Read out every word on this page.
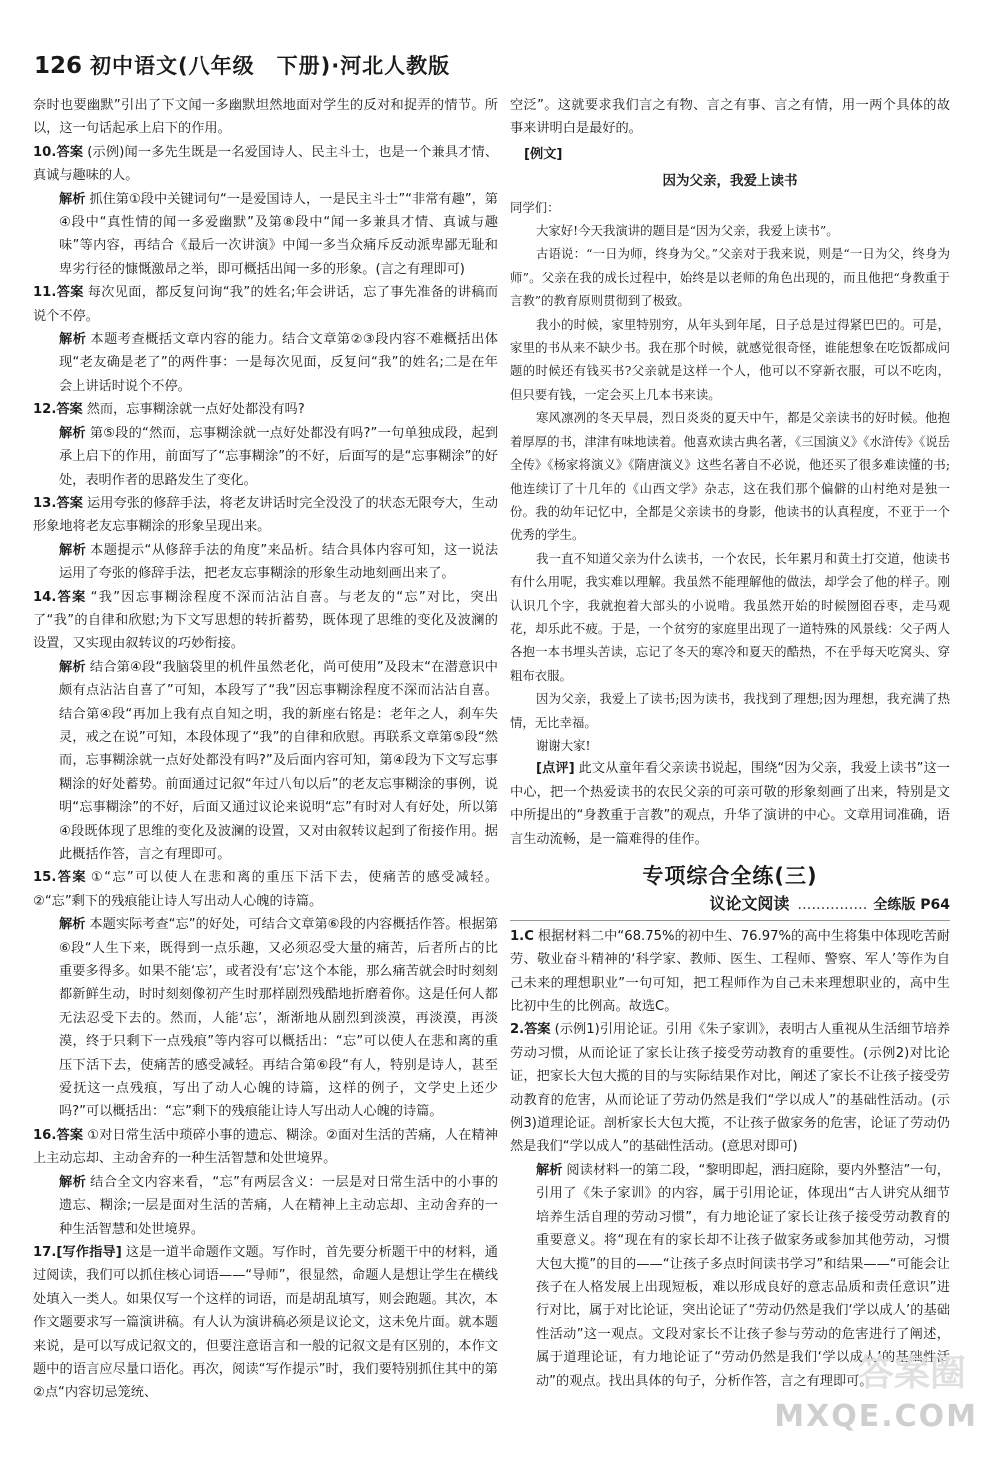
126 初中语文(八年级　下册)·河北人教版

奈时也要幽默”引出了下文闻一多幽默坦然地面对学生的反对和捉弄的情节。所以，这一句话起承上启下的作用。

10.答案 (示例)闻一多先生既是一名爱国诗人、民主斗士，也是一个兼具才情、真诚与趣味的人。

解析 抓住第①段中关键词句“一是爱国诗人，一是民主斗士”“非常有趣”，第④段中“真性情的闻一多爱幽默”及第⑧段中“闻一多兼具才情、真诚与趣味”等内容，再结合《最后一次讲演》中闻一多当众痛斥反动派卑鄙无耻和卑劣行径的慷慨激昂之举，即可概括出闻一多的形象。(言之有理即可)

11.答案 每次见面，都反复问询“我”的姓名;年会讲话，忘了事先准备的讲稿而说个不停。

解析 本题考查概括文章内容的能力。结合文章第②③段内容不难概括出体现“老友确是老了”的两件事：一是每次见面，反复问“我”的姓名;二是在年会上讲话时说个不停。

12.答案 然而，忘事糊涂就一点好处都没有吗?

解析 第⑤段的“然而，忘事糊涂就一点好处都没有吗?”一句单独成段，起到承上启下的作用，前面写了“忘事糊涂”的不好，后面写的是“忘事糊涂”的好处，表明作者的思路发生了变化。

13.答案 运用夸张的修辞手法，将老友讲话时完全没没了的状态无限夸大，生动形象地将老友忘事糊涂的形象呈现出来。

解析 本题提示“从修辞手法的角度”来品析。结合具体内容可知，这一说法运用了夸张的修辞手法，把老友忘事糊涂的形象生动地刻画出来了。

14.答案 “我”因忘事糊涂程度不深而沾沾自喜。与老友的“忘”对比，突出了“我”的自律和欣慰;为下文写思想的转折蓄势，既体现了思维的变化及波澜的设置，又实现由叙转议的巧妙衔接。

解析 结合第④段“我脑袋里的机件虽然老化，尚可使用”及段末“在潜意识中颇有点沾沾自喜了”可知，本段写了“我”因忘事糊涂程度不深而沾沾自喜。结合第④段“再加上我有点自知之明，我的新座右铭是：老年之人，刹车失灵，戒之在说”可知，本段体现了“我”的自律和欣慰。再联系文章第⑤段“然而，忘事糊涂就一点好处都没有吗?”及后面内容可知，第④段为下文写忘事糊涂的好处蓄势。前面通过记叙“年过八旬以后”的老友忘事糊涂的事例，说明“忘事糊涂”的不好，后面又通过议论来说明“忘”有时对人有好处，所以第④段既体现了思维的变化及波澜的设置，又对由叙转议起到了衔接作用。据此概括作答，言之有理即可。

15.答案 ①“忘”可以使人在悲和离的重压下活下去，使痛苦的感受减轻。②“忘”剩下的残痕能让诗人写出动人心魄的诗篇。

解析 本题实际考查“忘”的好处，可结合文章第⑥段的内容概括作答。根据第⑥段“人生下来，既得到一点乐趣，又必须忍受大量的痛苦，后者所占的比重要多得多。如果不能‘忘’，或者没有‘忘’这个本能，那么痛苦就会时时刻刻都新鲜生动，时时刻刻像初产生时那样剧烈残酷地折磨着你。这是任何人都无法忍受下去的。然而，人能‘忘’，渐渐地从剧烈到淡漠，再淡漠，再淡漠，终于只剩下一点残痕”等内容可以概括出：“忘”可以使人在悲和离的重压下活下去，使痛苦的感受减轻。再结合第⑥段“有人，特别是诗人，甚至爱抚这一点残痕，写出了动人心魄的诗篇，这样的例子，文学史上还少吗?”可以概括出：“忘”剩下的残痕能让诗人写出动人心魄的诗篇。

16.答案 ①对日常生活中琐碎小事的遗忘、糊涂。②面对生活的苦痛，人在精神上主动忘却、主动舍弃的一种生活智慧和处世境界。

解析 结合全文内容来看，“忘”有两层含义：一层是对日常生活中的小事的遗忘、糊涂;一层是面对生活的苦痛，人在精神上主动忘却、主动舍弃的一种生活智慧和处世境界。

17.[写作指导] 这是一道半命题作文题。写作时，首先要分析题干中的材料，通过阅读，我们可以抓住核心词语——“导师”，很显然，命题人是想让学生在横线处填入一类人。如果仅写一个这样的词语，而是胡乱填写，则会跑题。其次，本作文题要求写一篇演讲稿。有人认为演讲稿必须是议论文，这未免片面。就本题来说，是可以写成记叙文的，但要注意语言和一般的记叙文是有区别的，本作文题中的语言应尽量口语化。再次，阅读“写作提示”时，我们要特别抓住其中的第②点“内容切忌笼统、

空泛”。这就要求我们言之有物、言之有事、言之有情，用一两个具体的故事来讲明白是最好的。

[例文]
因为父亲，我爱上读书

同学们：

大家好!今天我演讲的题目是“因为父亲，我爱上读书”。

古语说：“一日为师，终身为父。”父亲对于我来说，则是“一日为父，终身为师”。父亲在我的成长过程中，始终是以老师的角色出现的，而且他把“身教重于言教”的教育原则贯彻到了极致。

我小的时候，家里特别穷，从年头到年尾，日子总是过得紧巴巴的。可是，家里的书从来不缺少书。我在那个时候，就感觉很奇怪，谁能想象在吃饭都成问题的时候还有钱买书?父亲就是这样一个人，他可以不穿新衣服，可以不吃肉，但只要有钱，一定会买上几本书来读。

寒风凛冽的冬天早晨，烈日炎炎的夏天中午，都是父亲读书的好时候。他抱着厚厚的书，津津有味地读着。他喜欢读古典名著，《三国演义》《水浒传》《说岳全传》《杨家将演义》《隋唐演义》这些名著自不必说，他还买了很多难读懂的书;他连续订了十几年的《山西文学》杂志，这在我们那个偏僻的山村绝对是独一份。我的幼年记忆中，全都是父亲读书的身影，他读书的认真程度，不亚于一个优秀的学生。

我一直不知道父亲为什么读书，一个农民，长年累月和黄土打交道，他读书有什么用呢，我实难以理解。我虽然不能理解他的做法，却学会了他的样子。刚认识几个字，我就抱着大部头的小说啃。我虽然开始的时候囫囵吞枣，走马观花，却乐此不疲。于是，一个贫穷的家庭里出现了一道特殊的风景线：父子两人各抱一本书埋头苦读，忘记了冬天的寒冷和夏天的酷热，不在乎每天吃窝头、穿粗布衣服。

因为父亲，我爱上了读书;因为读书，我找到了理想;因为理想，我充满了热情，无比幸福。

谢谢大家!

[点评] 此文从童年看父亲读书说起，围绕“因为父亲，我爱上读书”这一中心，把一个热爱读书的农民父亲的可亲可敬的形象刻画了出来，特别是文中所提出的“身教重于言教”的观点，升华了演讲的中心。文章用词准确，语言生动流畅，是一篇难得的佳作。

专项综合全练(三)
议论文阅读 …………… 全练版 P64

1.C 根据材料二中“68.75%的初中生、76.97%的高中生将集中体现吃苦耐劳、敬业奋斗精神的‘科学家、教师、医生、工程师、警察、军人’等作为自己未来的理想职业”一句可知，把工程师作为自己未来理想职业的，高中生比初中生的比例高。故选C。

2.答案 (示例1)引用论证。引用《朱子家训》，表明古人重视从生活细节培养劳动习惯，从而论证了家长让孩子接受劳动教育的重要性。(示例2)对比论证，把家长大包大揽的目的与实际结果作对比，阐述了家长不让孩子接受劳动教育的危害，从而论证了劳动仍然是我们“学以成人”的基础性活动。(示例3)道理论证。剖析家长大包大揽，不让孩子做家务的危害，论证了劳动仍然是我们“学以成人”的基础性活动。(意思对即可)

解析 阅读材料一的第二段，“黎明即起，洒扫庭除，要内外整洁”一句，引用了《朱子家训》的内容，属于引用论证，体现出“古人讲究从细节培养生活自理的劳动习惯”，有力地论证了家长让孩子接受劳动教育的重要意义。将“现在有的家长却不让孩子做家务或参加其他劳动，习惯大包大揽”的目的——“让孩子多点时间读书学习”和结果——“可能会让孩子在人格发展上出现短板，难以形成良好的意志品质和责任意识”进行对比，属于对比论证，突出论证了“劳动仍然是我们‘学以成人’的基础性活动”这一观点。文段对家长不让孩子参与劳动的危害进行了阐述，属于道理论证，有力地论证了“劳动仍然是我们‘学以成人’的基础性活动”的观点。找出具体的句子，分析作答，言之有理即可。

答案圈
MXQE.COM
